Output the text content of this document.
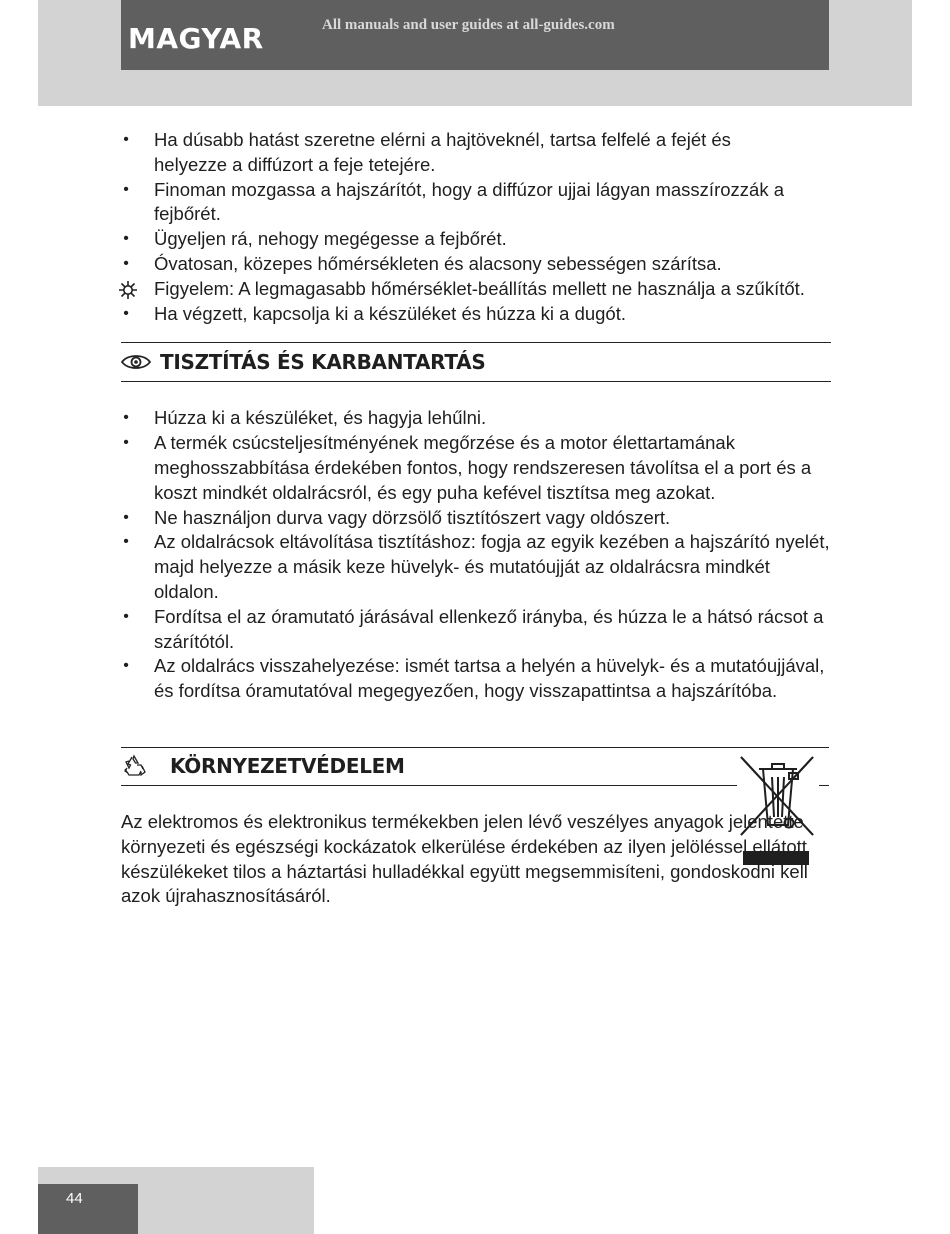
MAGYAR	All manuals and user guides at all-guides.com
• Ha dúsabb hatást szeretne elérni a hajtöveknél, tartsa felfelé a fejét és helyezze a diffúzort a feje tetejére.
• Finoman mozgassa a hajszárítót, hogy a diffúzor ujjai lágyan masszírozzák a fejbőrét.
• Ügyeljen rá, nehogy megégesse a fejbőrét.
• Óvatosan, közepes hőmérsékleten és alacsony sebességen szárítsa.
Figyelem: A legmagasabb hőmérséklet-beállítás mellett ne használja a szűkítőt.
• Ha végzett, kapcsolja ki a készüléket és húzza ki a dugót.
TISZTÍTÁS ÉS KARBANTARTÁS
• Húzza ki a készüléket, és hagyja lehűlni.
• A termék csúcsteljesítményének megőrzése és a motor élettartamának meghosszabbítása érdekében fontos, hogy rendszeresen távolítsa el a port és a koszt mindkét oldalrácsról, és egy puha kefével tisztítsa meg azokat.
• Ne használjon durva vagy dörzsölő tisztítószert vagy oldószert.
• Az oldalrácsok eltávolítása tisztításhoz: fogja az egyik kezében a hajszárító nyelét, majd helyezze a másik keze hüvelyk- és mutatóujját az oldalrácsra mindkét oldalon.
• Fordítsa el az óramutató járásával ellenkező irányba, és húzza le a hátsó rácsot a szárítótól.
• Az oldalrács visszahelyezése: ismét tartsa a helyén a hüvelyk- és a mutatóujjával, és fordítsa óramutatóval megegyezően, hogy visszapattintsa a hajszárítóba.
KÖRNYEZETVÉDELEM

Az elektromos és elektronikus termékekben jelen lévő veszélyes anyagok jelentette környezeti és egészségi kockázatok elkerülése érdekében az ilyen jelöléssel ellátott készülékeket tilos a háztartási hulladékkal együtt megsemmisíteni, gondoskodni kell azok újrahasznosításáról.

44
